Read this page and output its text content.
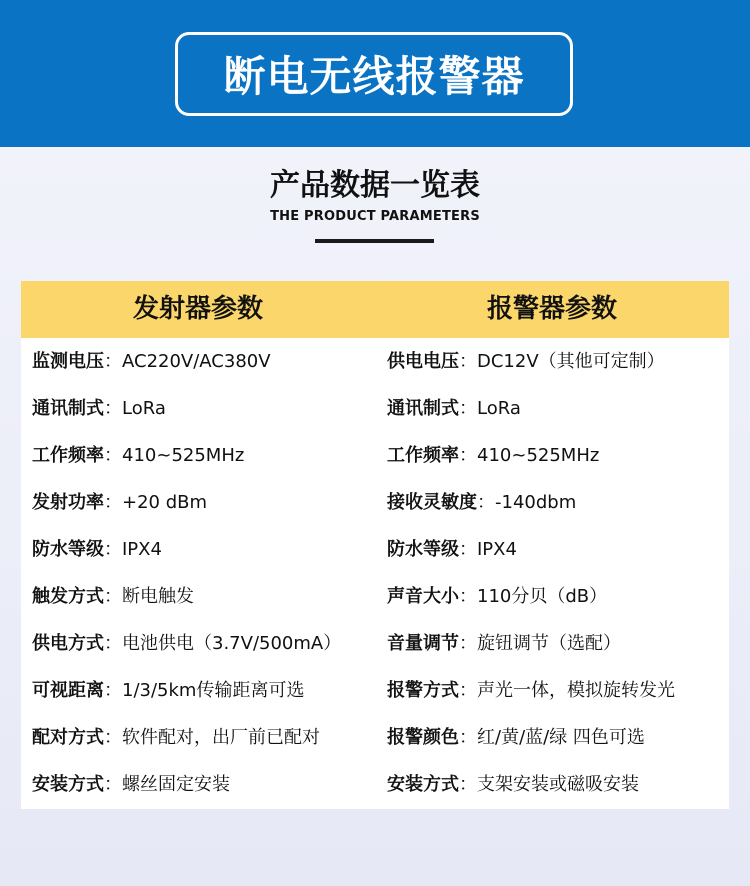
断电无线报警器
产品数据一览表
THE PRODUCT PARAMETERS
发射器参数	报警器参数
监测电压：AC220V/AC380V	供电电压：DC12V（其他可定制）
通讯制式：LoRa	通讯制式：LoRa
工作频率：410~525MHz	工作频率：410~525MHz
发射功率：+20 dBm	接收灵敏度：-140dbm
防水等级：IPX4	防水等级：IPX4
触发方式：断电触发	声音大小：110分贝（dB）
供电方式：电池供电（3.7V/500mA）	音量调节：旋钮调节（选配）
可视距离：1/3/5km传输距离可选	报警方式：声光一体，模拟旋转发光
配对方式：软件配对，出厂前已配对	报警颜色：红/黄/蓝/绿 四色可选
安装方式：螺丝固定安装	安装方式：支架安装或磁吸安装
